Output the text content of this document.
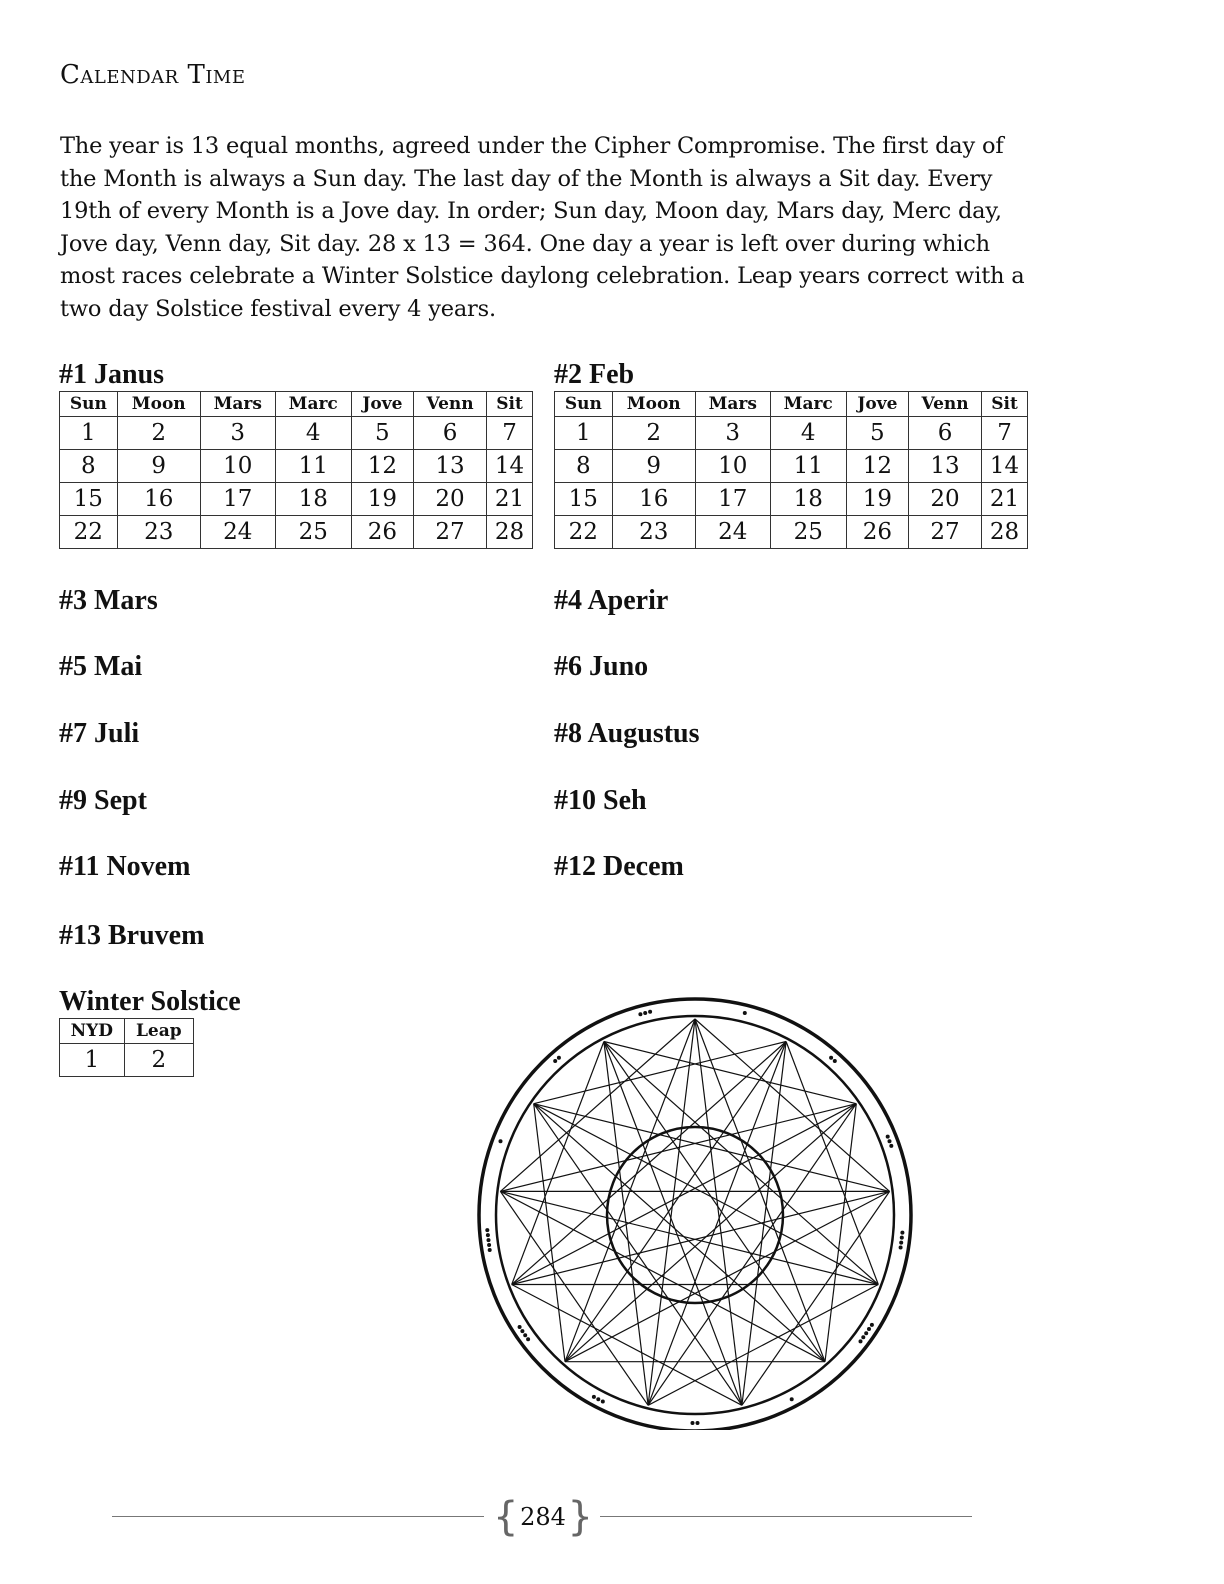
Calendar Time

The year is 13 equal months, agreed under the Cipher Compromise. The first day of the Month is always a Sun day. The last day of the Month is always a Sit day. Every 19th of every Month is a Jove day. In order; Sun day, Moon day, Mars day, Merc day, Jove day, Venn day, Sit day. 28 x 13 = 364. One day a year is left over during which most races celebrate a Winter Solstice daylong celebration. Leap years correct with a two day Solstice festival every 4 years.

#1 Janus	#2 Feb
#3 Mars	#4 Aperir
#5 Mai	#6 Juno
#7 Juli	#8 Augustus
#9 Sept	#10 Seh
#11 Novem	#12 Decem
#13 Bruvem
Winter Solstice
Sun	Moon	Mars	Marc	Jove	Venn	Sit
1	2	3	4	5	6	7
8	9	10	11	12	13	14
15	16	17	18	19	20	21
22	23	24	25	26	27	28
Sun	Moon	Mars	Marc	Jove	Venn	Sit
1	2	3	4	5	6	7
8	9	10	11	12	13	14
15	16	17	18	19	20	21
22	23	24	25	26	27	28
NYD	Leap
1	2
{ 284 }
